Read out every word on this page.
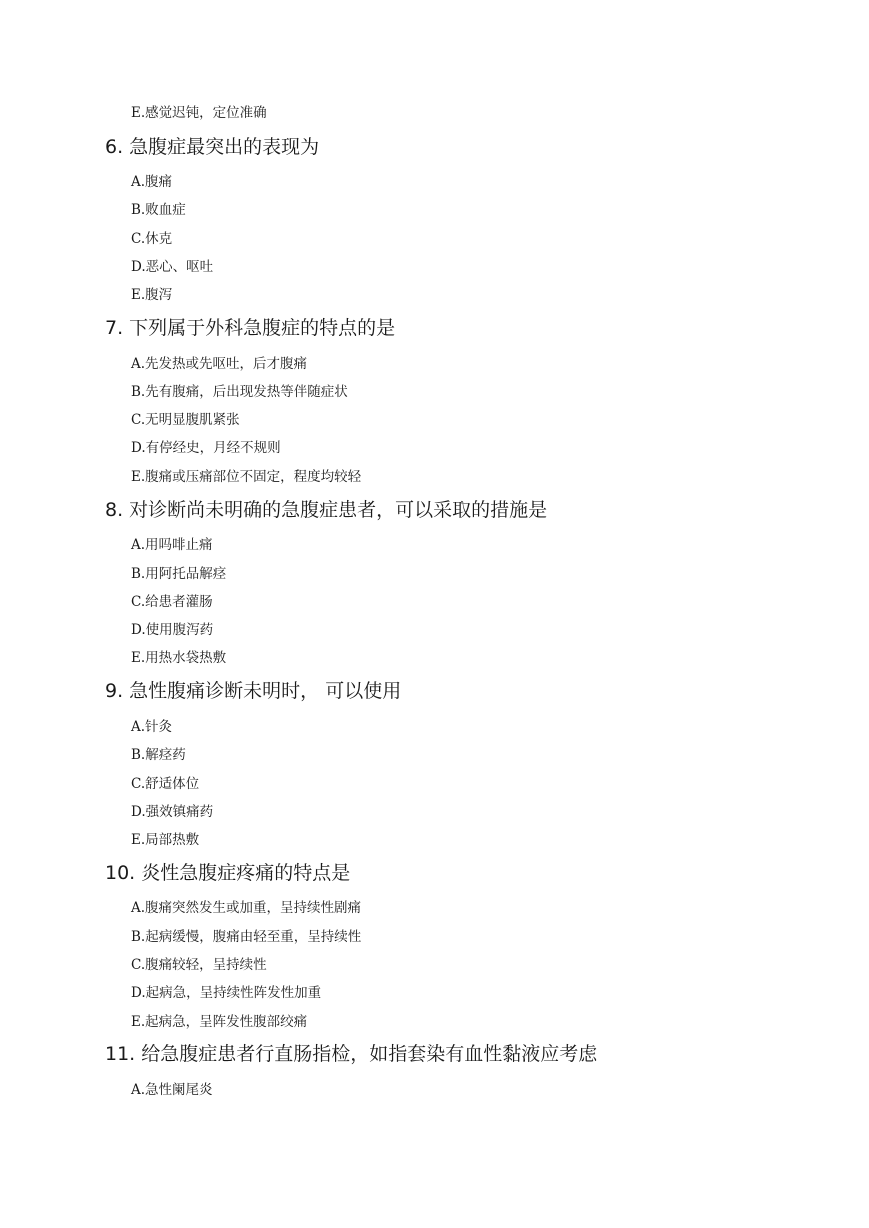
E.感觉迟钝，定位准确
6. 急腹症最突出的表现为
A.腹痛
B.败血症
C.休克
D.恶心、呕吐
E.腹泻
7. 下列属于外科急腹症的特点的是
A.先发热或先呕吐，后才腹痛
B.先有腹痛，后出现发热等伴随症状
C.无明显腹肌紧张
D.有停经史，月经不规则
E.腹痛或压痛部位不固定，程度均较轻
8. 对诊断尚未明确的急腹症患者，可以采取的措施是
A.用吗啡止痛
B.用阿托品解痉
C.给患者灌肠
D.使用腹泻药
E.用热水袋热敷
9. 急性腹痛诊断未明时， 可以使用
A.针灸
B.解痉药
C.舒适体位
D.强效镇痛药
E.局部热敷
10. 炎性急腹症疼痛的特点是
A.腹痛突然发生或加重，呈持续性剧痛
B.起病缓慢，腹痛由轻至重，呈持续性
C.腹痛较轻，呈持续性
D.起病急，呈持续性阵发性加重
E.起病急，呈阵发性腹部绞痛
11. 给急腹症患者行直肠指检，如指套染有血性黏液应考虑
A.急性阑尾炎
